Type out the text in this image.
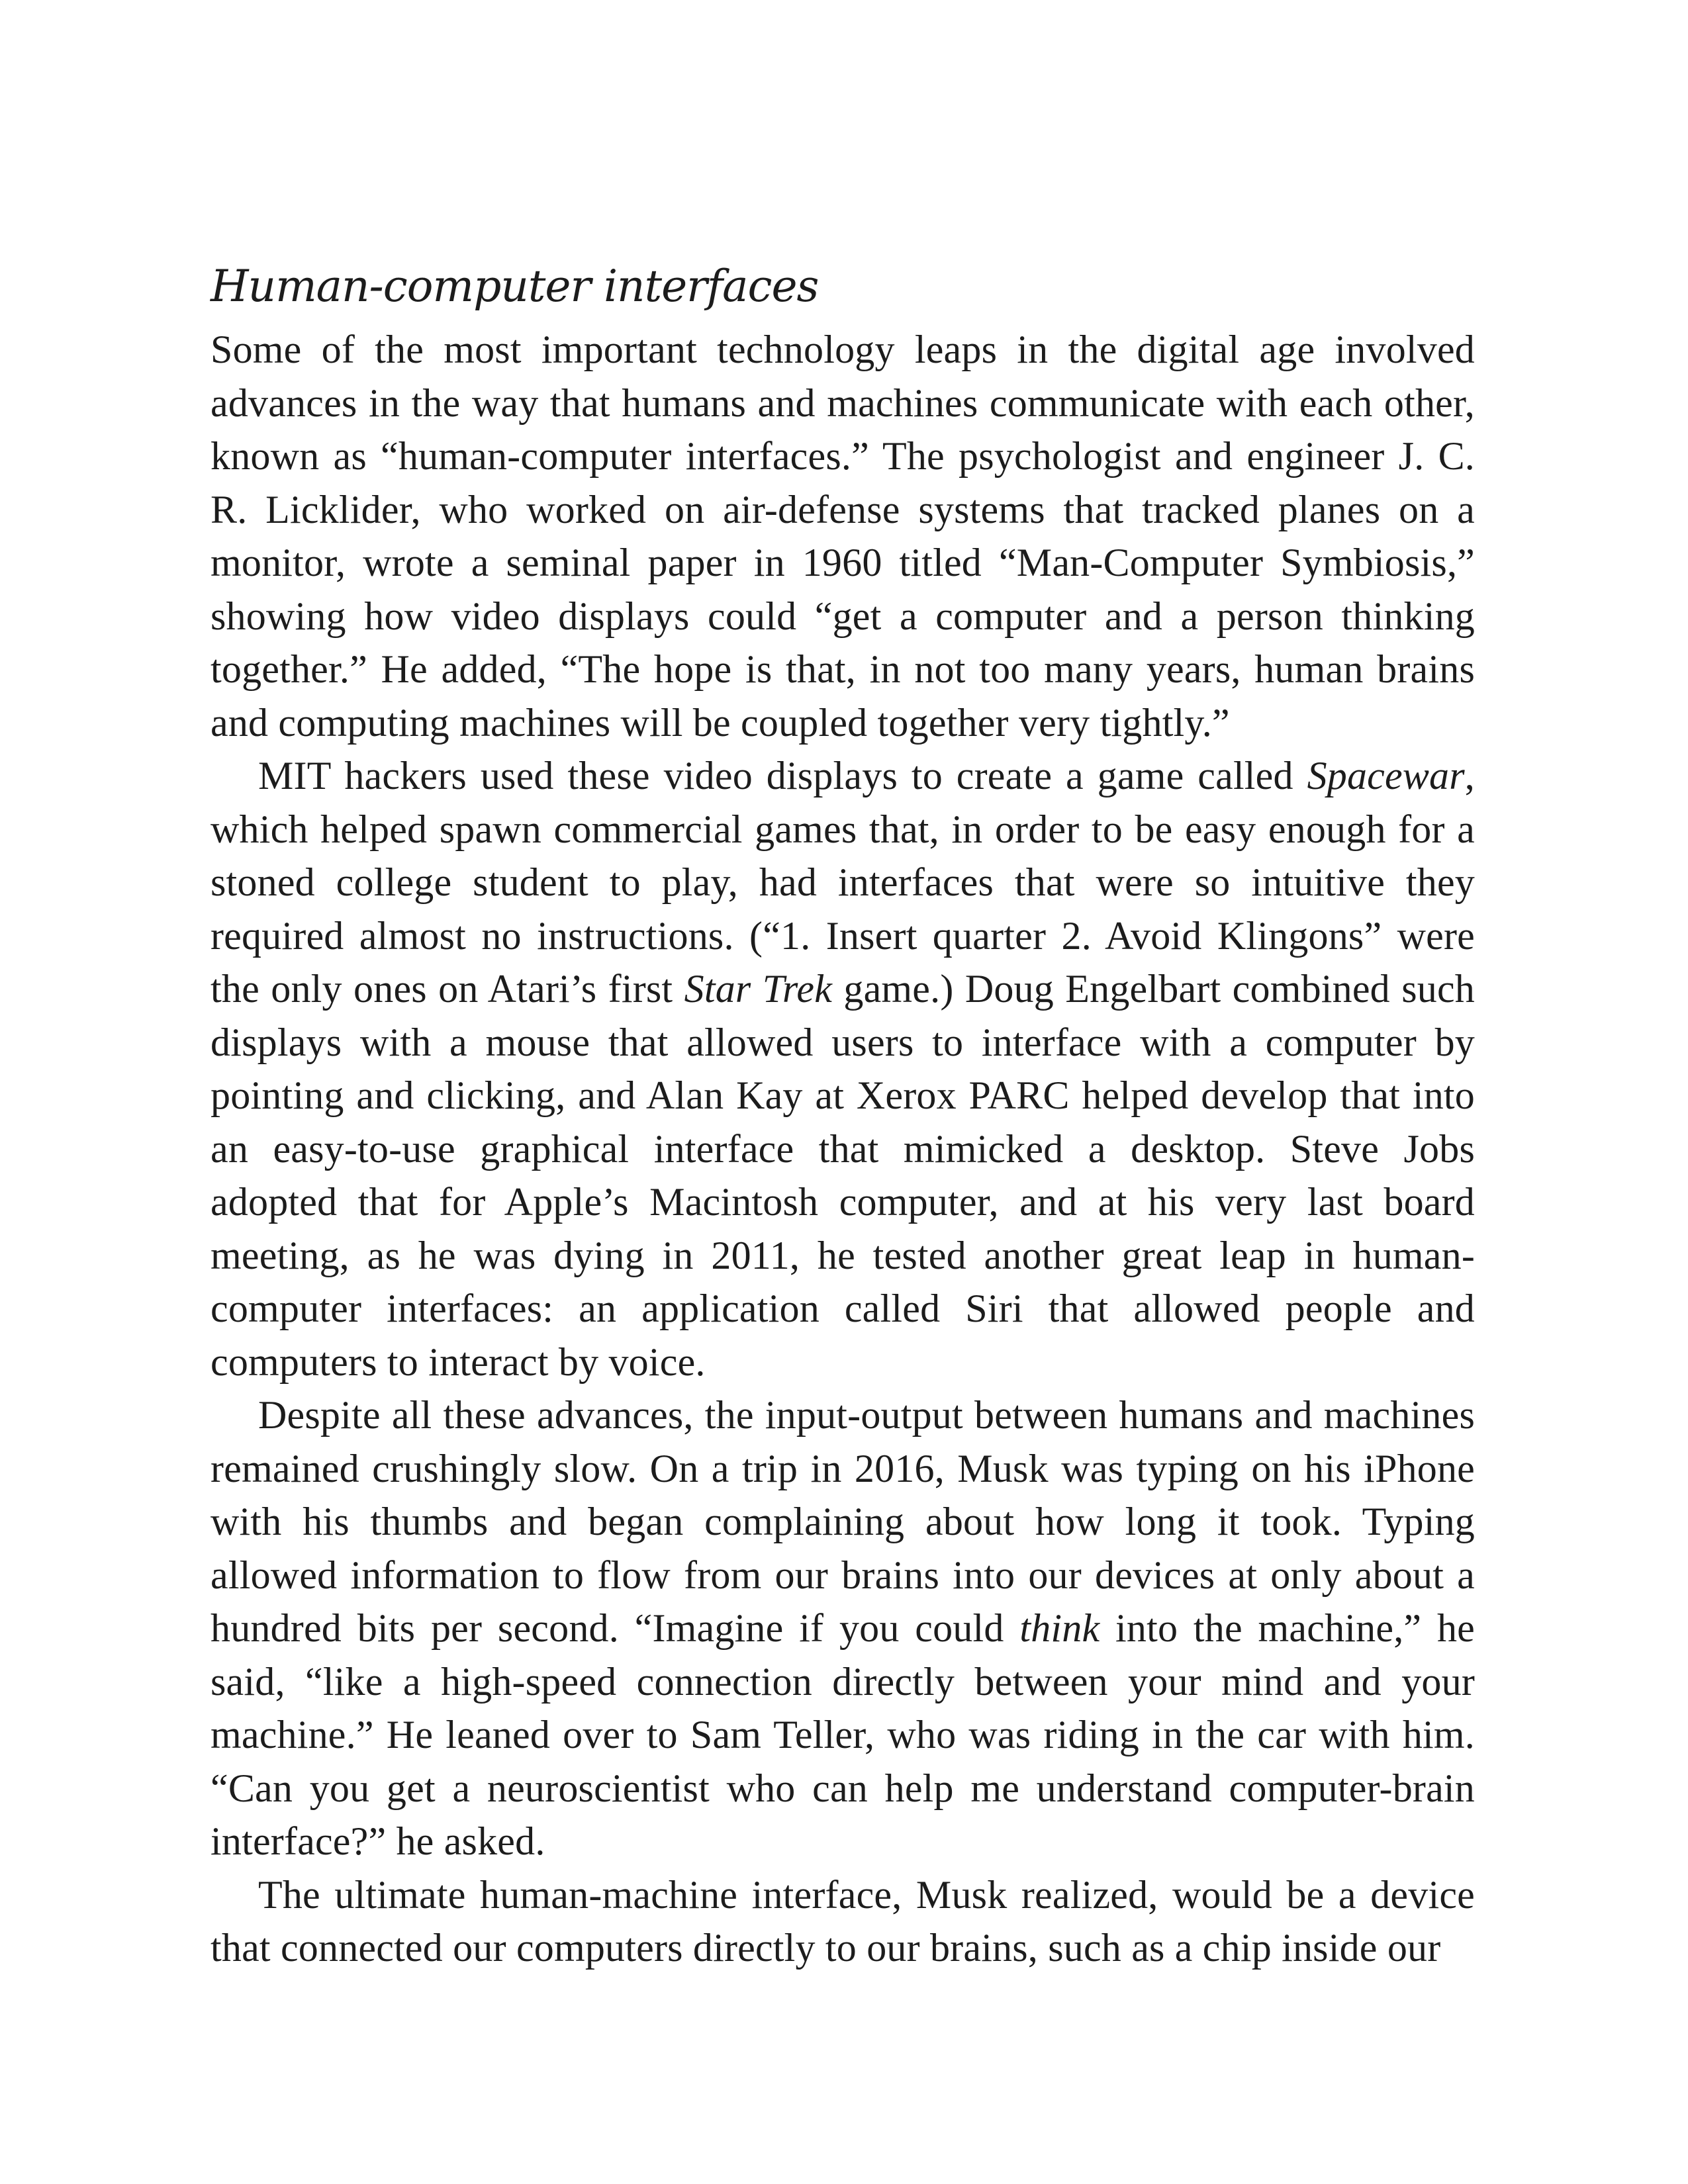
Human-computer interfaces

Some of the most important technology leaps in the digital age involved advances in the way that humans and machines communicate with each other, known as “human-computer interfaces.” The psychologist and engineer J. C. R. Licklider, who worked on air-defense systems that tracked planes on a monitor, wrote a seminal paper in 1960 titled “Man-Computer Symbiosis,” showing how video displays could “get a computer and a person thinking together.” He added, “The hope is that, in not too many years, human brains and computing machines will be coupled together very tightly.”

MIT hackers used these video displays to create a game called Spacewar, which helped spawn commercial games that, in order to be easy enough for a stoned college student to play, had interfaces that were so intuitive they required almost no instructions. (“1. Insert quarter 2. Avoid Klingons” were the only ones on Atari’s first Star Trek game.) Doug Engelbart combined such displays with a mouse that allowed users to interface with a computer by pointing and clicking, and Alan Kay at Xerox PARC helped develop that into an easy-to-use graphical interface that mimicked a desktop. Steve Jobs adopted that for Apple’s Macintosh computer, and at his very last board meeting, as he was dying in 2011, he tested another great leap in human-computer interfaces: an application called Siri that allowed people and computers to interact by voice.

Despite all these advances, the input-output between humans and machines remained crushingly slow. On a trip in 2016, Musk was typing on his iPhone with his thumbs and began complaining about how long it took. Typing allowed information to flow from our brains into our devices at only about a hundred bits per second. “Imagine if you could think into the machine,” he said, “like a high-speed connection directly between your mind and your machine.” He leaned over to Sam Teller, who was riding in the car with him. “Can you get a neuroscientist who can help me understand computer-brain interface?” he asked.

The ultimate human-machine interface, Musk realized, would be a device that connected our computers directly to our brains, such as a chip inside our
